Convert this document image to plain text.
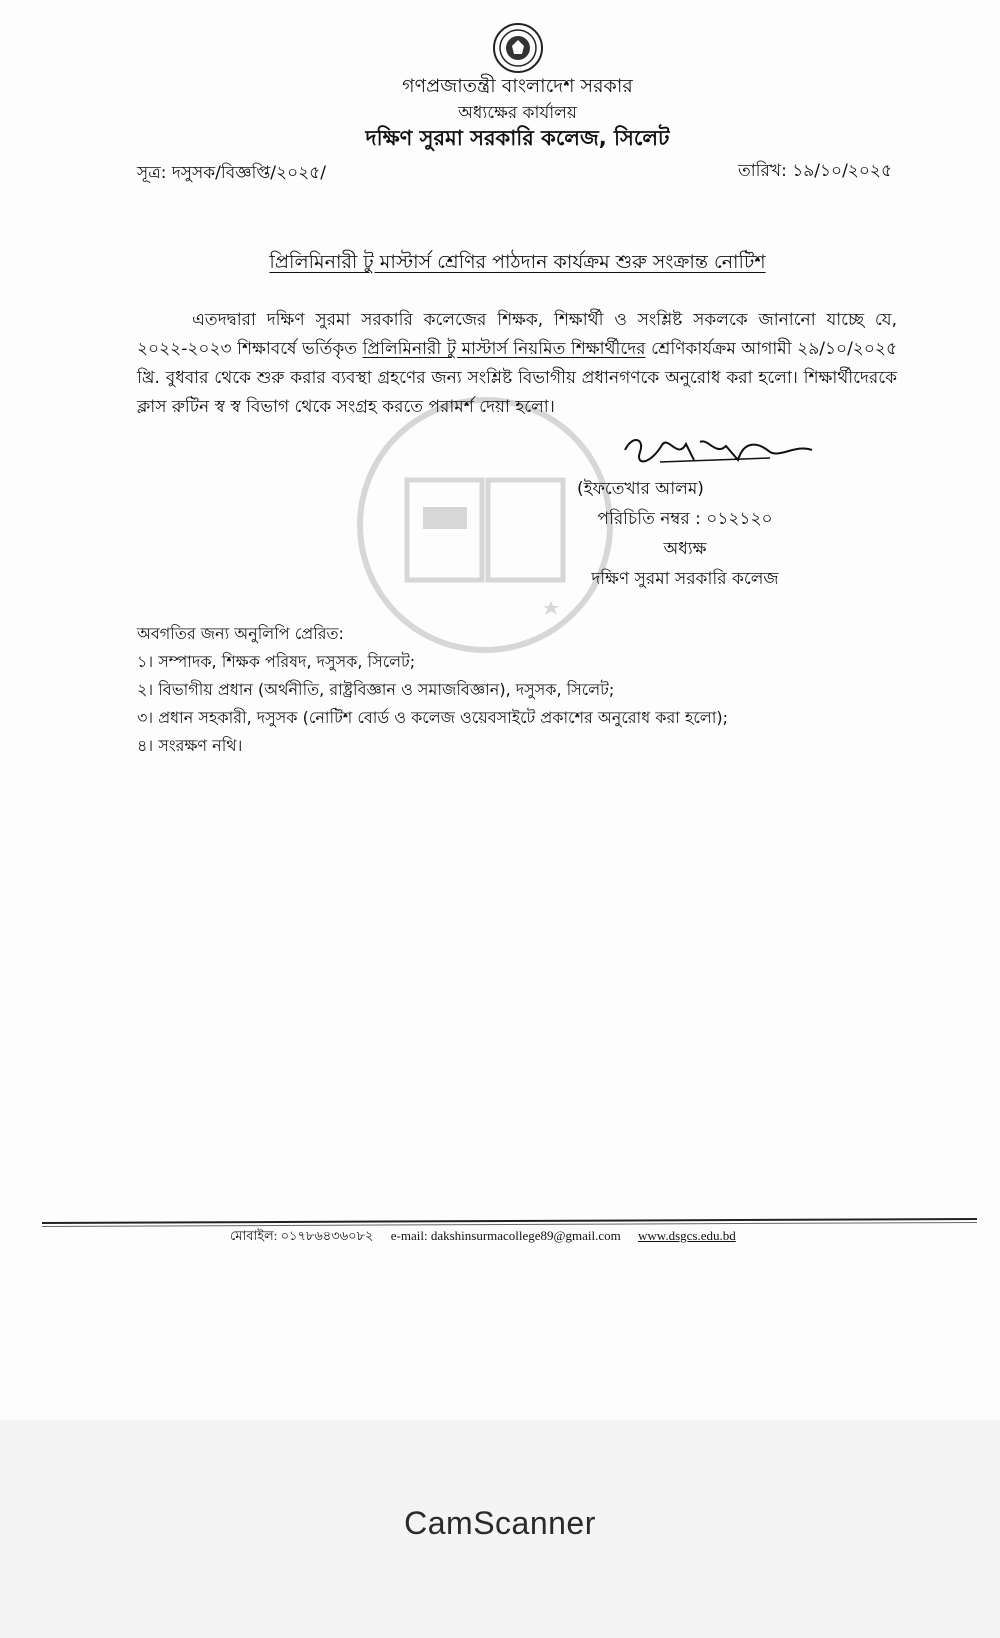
গণপ্রজাতন্ত্রী বাংলাদেশ সরকার
অধ্যক্ষের কার্যালয়
দক্ষিণ সুরমা সরকারি কলেজ, সিলেট
সূত্র: দসুসক/বিজ্ঞপ্তি/২০২৫/	তারিখ: ১৯/১০/২০২৫
প্রিলিমিনারী টু মাস্টার্স শ্রেণির পাঠদান কার্যক্রম শুরু সংক্রান্ত নোটিশ
এতদদ্বারা দক্ষিণ সুরমা সরকারি কলেজের শিক্ষক, শিক্ষার্থী ও সংশ্লিষ্ট সকলকে জানানো যাচ্ছে যে, ২০২২-২০২৩ শিক্ষাবর্ষে ভর্তিকৃত প্রিলিমিনারী টু মাস্টার্স নিয়মিত শিক্ষার্থীদের শ্রেণিকার্যক্রম আগামী ২৯/১০/২০২৫ খ্রি. বুধবার থেকে শুরু করার ব্যবস্থা গ্রহণের জন্য সংশ্লিষ্ট বিভাগীয় প্রধানগণকে অনুরোধ করা হলো। শিক্ষার্থীদেরকে ক্লাস রুটিন স্ব স্ব বিভাগ থেকে সংগ্রহ করতে পরামর্শ দেয়া হলো।
(ইফতেখার আলম)
পরিচিতি নম্বর : ০১২১২০
অধ্যক্ষ
দক্ষিণ সুরমা সরকারি কলেজ
অবগতির জন্য অনুলিপি প্রেরিত:
১। সম্পাদক, শিক্ষক পরিষদ, দসুসক, সিলেট;
২। বিভাগীয় প্রধান (অর্থনীতি, রাষ্ট্রবিজ্ঞান ও সমাজবিজ্ঞান), দসুসক, সিলেট;
৩। প্রধান সহকারী, দসুসক (নোটিশ বোর্ড ও কলেজ ওয়েবসাইটে প্রকাশের অনুরোধ করা হলো);
৪। সংরক্ষণ নথি।
মোবাইল: ০১৭৮৬৪৩৬০৮২ e-mail: dakshinsurmacollege89@gmail.com www.dsgcs.edu.bd
CamScanner
